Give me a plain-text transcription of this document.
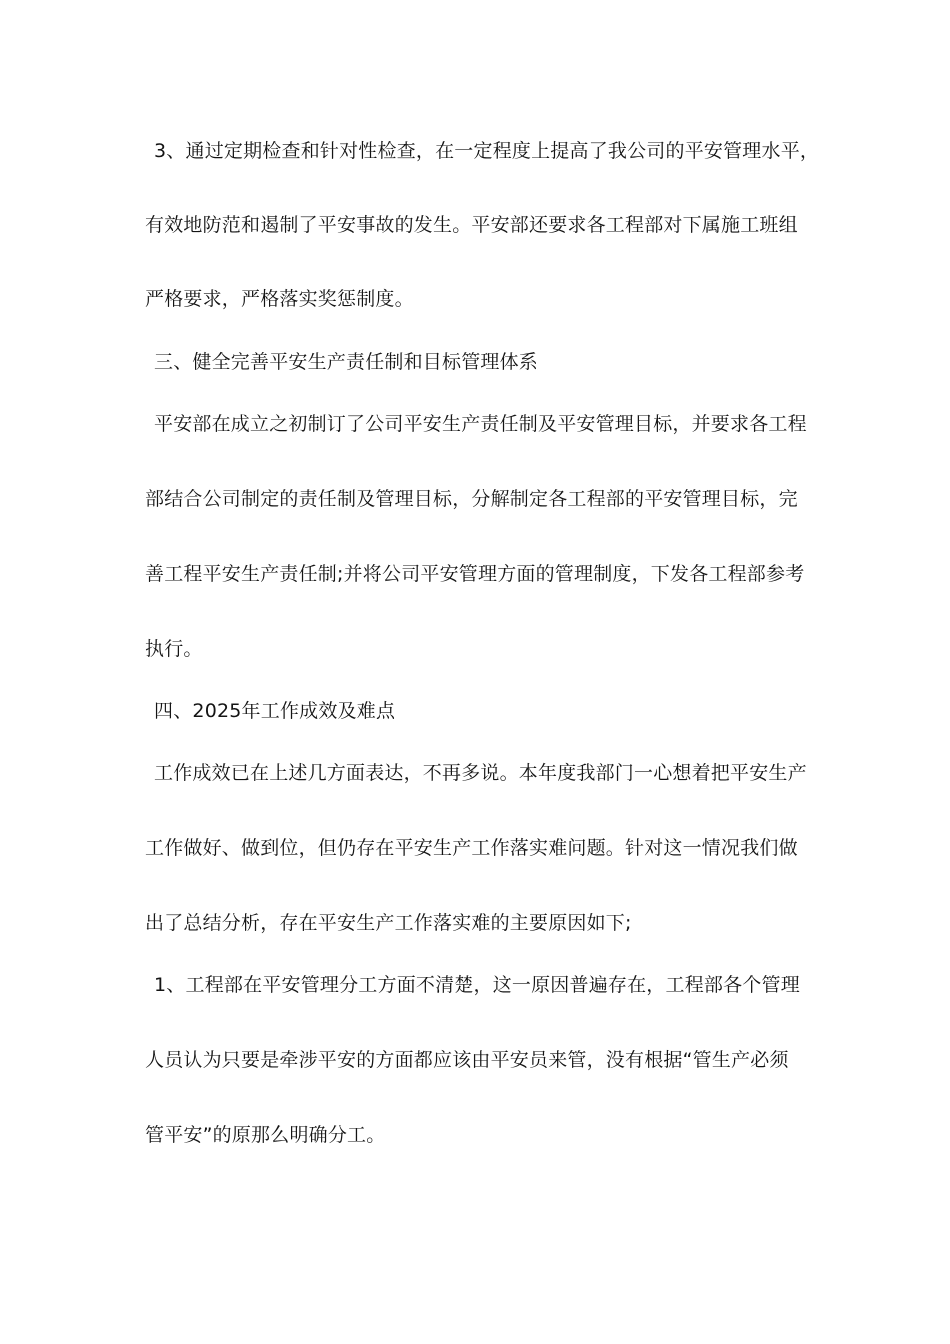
3、通过定期检查和针对性检查，在一定程度上提高了我公司的平安管理水平，

有效地防范和遏制了平安事故的发生。平安部还要求各工程部对下属施工班组

严格要求，严格落实奖惩制度。

三、健全完善平安生产责任制和目标管理体系

平安部在成立之初制订了公司平安生产责任制及平安管理目标，并要求各工程

部结合公司制定的责任制及管理目标，分解制定各工程部的平安管理目标，完

善工程平安生产责任制;并将公司平安管理方面的管理制度，下发各工程部参考

执行。

四、2025年工作成效及难点

工作成效已在上述几方面表达，不再多说。本年度我部门一心想着把平安生产

工作做好、做到位，但仍存在平安生产工作落实难问题。针对这一情况我们做

出了总结分析，存在平安生产工作落实难的主要原因如下;

1、工程部在平安管理分工方面不清楚，这一原因普遍存在，工程部各个管理

人员认为只要是牵涉平安的方面都应该由平安员来管，没有根据“管生产必须

管平安”的原那么明确分工。
